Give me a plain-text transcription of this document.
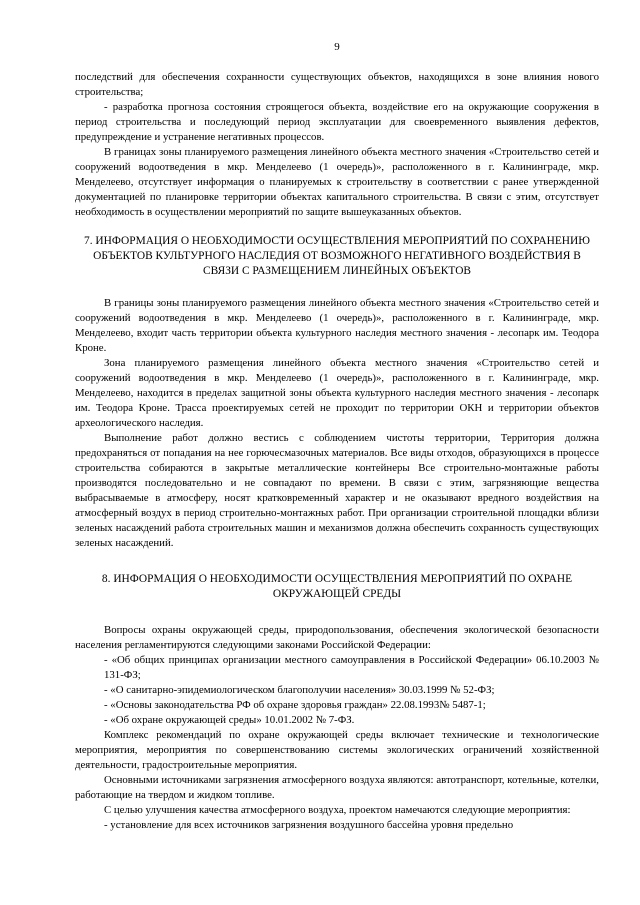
9

последствий для обеспечения сохранности существующих объектов, находящихся в зоне влияния нового строительства;

- разработка прогноза состояния строящегося объекта, воздействие его на окружающие сооружения в период строительства и последующий период эксплуатации для своевременного выявления дефектов, предупреждение и устранение негативных процессов.

В границах зоны планируемого размещения линейного объекта местного значения «Строительство сетей и сооружений водоотведения в мкр. Менделеево (1 очередь)», расположенного в г. Калининграде, мкр. Менделеево, отсутствует информация о планируемых к строительству в соответствии с ранее утвержденной документацией по планировке территории объектах капитального строительства. В связи с этим, отсутствует необходимость в осуществлении мероприятий по защите вышеуказанных объектов.

7. ИНФОРМАЦИЯ О НЕОБХОДИМОСТИ ОСУЩЕСТВЛЕНИЯ МЕРОПРИЯТИЙ ПО СОХРАНЕНИЮ ОБЪЕКТОВ КУЛЬТУРНОГО НАСЛЕДИЯ ОТ ВОЗМОЖНОГО НЕГАТИВНОГО ВОЗДЕЙСТВИЯ В СВЯЗИ С РАЗМЕЩЕНИЕМ ЛИНЕЙНЫХ ОБЪЕКТОВ

В границы зоны планируемого размещения линейного объекта местного значения «Строительство сетей и сооружений водоотведения в мкр. Менделеево (1 очередь)», расположенного в г. Калининграде, мкр. Менделеево, входит часть территории объекта культурного наследия местного значения - лесопарк им. Теодора Кроне.

Зона планируемого размещения линейного объекта местного значения «Строительство сетей и сооружений водоотведения в мкр. Менделеево (1 очередь)», расположенного в г. Калининграде, мкр. Менделеево, находится в пределах защитной зоны объекта культурного наследия местного значения - лесопарк им. Теодора Кроне. Трасса проектируемых сетей не проходит по территории ОКН и территории объектов археологического наследия.

Выполнение работ должно вестись с соблюдением чистоты территории, Территория должна предохраняться от попадания на нее горючесмазочных материалов. Все виды отходов, образующихся в процессе строительства собираются в закрытые металлические контейнеры Все строительно-монтажные работы производятся последовательно и не совпадают по времени. В связи с этим, загрязняющие вещества выбрасываемые в атмосферу, носят кратковременный характер и не оказывают вредного воздействия на атмосферный воздух в период строительно-монтажных работ. При организации строительной площадки вблизи зеленых насаждений работа строительных машин и механизмов должна обеспечить сохранность существующих зеленых насаждений.

8. ИНФОРМАЦИЯ О НЕОБХОДИМОСТИ ОСУЩЕСТВЛЕНИЯ МЕРОПРИЯТИЙ ПО ОХРАНЕ ОКРУЖАЮЩЕЙ СРЕДЫ

Вопросы охраны окружающей среды, природопользования, обеспечения экологической безопасности населения регламентируются следующими законами Российской Федерации:

- «Об общих принципах организации местного самоуправления в Российской Федерации» 06.10.2003 № 131-ФЗ;

- «О санитарно-эпидемиологическом благополучии населения» 30.03.1999 № 52-ФЗ;

- «Основы законодательства РФ об охране здоровья граждан» 22.08.1993№ 5487-1;

- «Об охране окружающей среды» 10.01.2002 № 7-ФЗ.

Комплекс рекомендаций по охране окружающей среды включает технические и технологические мероприятия, мероприятия по совершенствованию системы экологических ограничений хозяйственной деятельности, градостроительные мероприятия.

Основными источниками загрязнения атмосферного воздуха являются: автотранспорт, котельные, котелки, работающие на твердом и жидком топливе.

С целью улучшения качества атмосферного воздуха, проектом намечаются следующие мероприятия:

- установление для всех источников загрязнения воздушного бассейна уровня предельно
